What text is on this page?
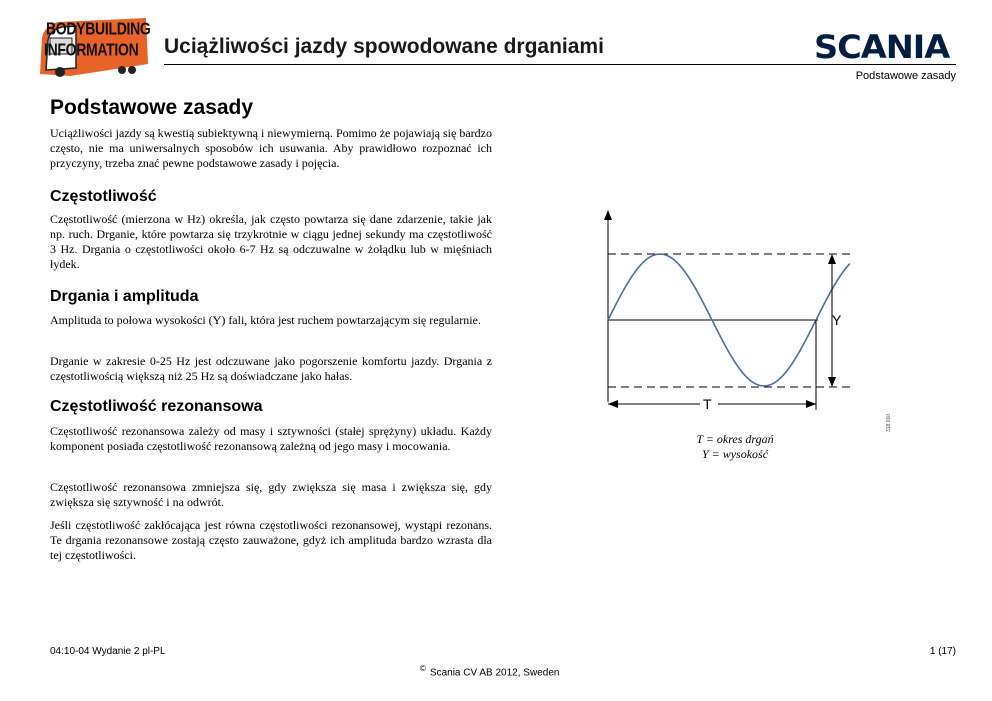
BODYBUILDING
INFORMATION Uciążliwości jazdy spowodowane drganiami	SCANIA
Podstawowe zasady
Podstawowe zasady
Uciążliwości jazdy są kwestią subiektywną i niewymierną. Pomimo że pojawiają się bardzo często, nie ma uniwersalnych sposobów ich usuwania. Aby prawidłowo rozpoznać ich przyczyny, trzeba znać pewne podstawowe zasady i pojęcia.
Częstotliwość
Częstotliwość (mierzona w Hz) określa, jak często powtarza się dane zdarzenie, takie jak np. ruch. Drganie, które powtarza się trzykrotnie w ciągu jednej sekundy ma częstotliwość 3 Hz. Drgania o częstotliwości około 6-7 Hz są odczuwalne w żołądku lub w mięśniach łydek.
Drgania i amplituda
Amplituda to połowa wysokości (Y) fali, która jest ruchem powtarzającym się regularnie.
Drganie w zakresie 0-25 Hz jest odczuwane jako pogorszenie komfortu jazdy. Drgania z częstotliwością większą niż 25 Hz są doświadczane jako hałas.
Częstotliwość rezonansowa
Częstotliwość rezonansowa zależy od masy i sztywności (stałej sprężyny) układu. Każdy komponent posiada częstotliwość rezonansową zależną od jego masy i mocowania.
Częstotliwość rezonansowa zmniejsza się, gdy zwiększa się masa i zwiększa się, gdy zwiększa się sztywność i na odwrót.
Jeśli częstotliwość zakłócająca jest równa częstotliwości rezonansowej, wystąpi rezonans. Te drgania rezonansowe zostają często zauważone, gdyż ich amplituda bardzo wzrasta dla tej częstotliwości.
Y
T
318 010
T = okres drgań
Y = wysokość
04:10-04 Wydanie 2 pl-PL	1 (17)
© Scania CV AB 2012, Sweden
